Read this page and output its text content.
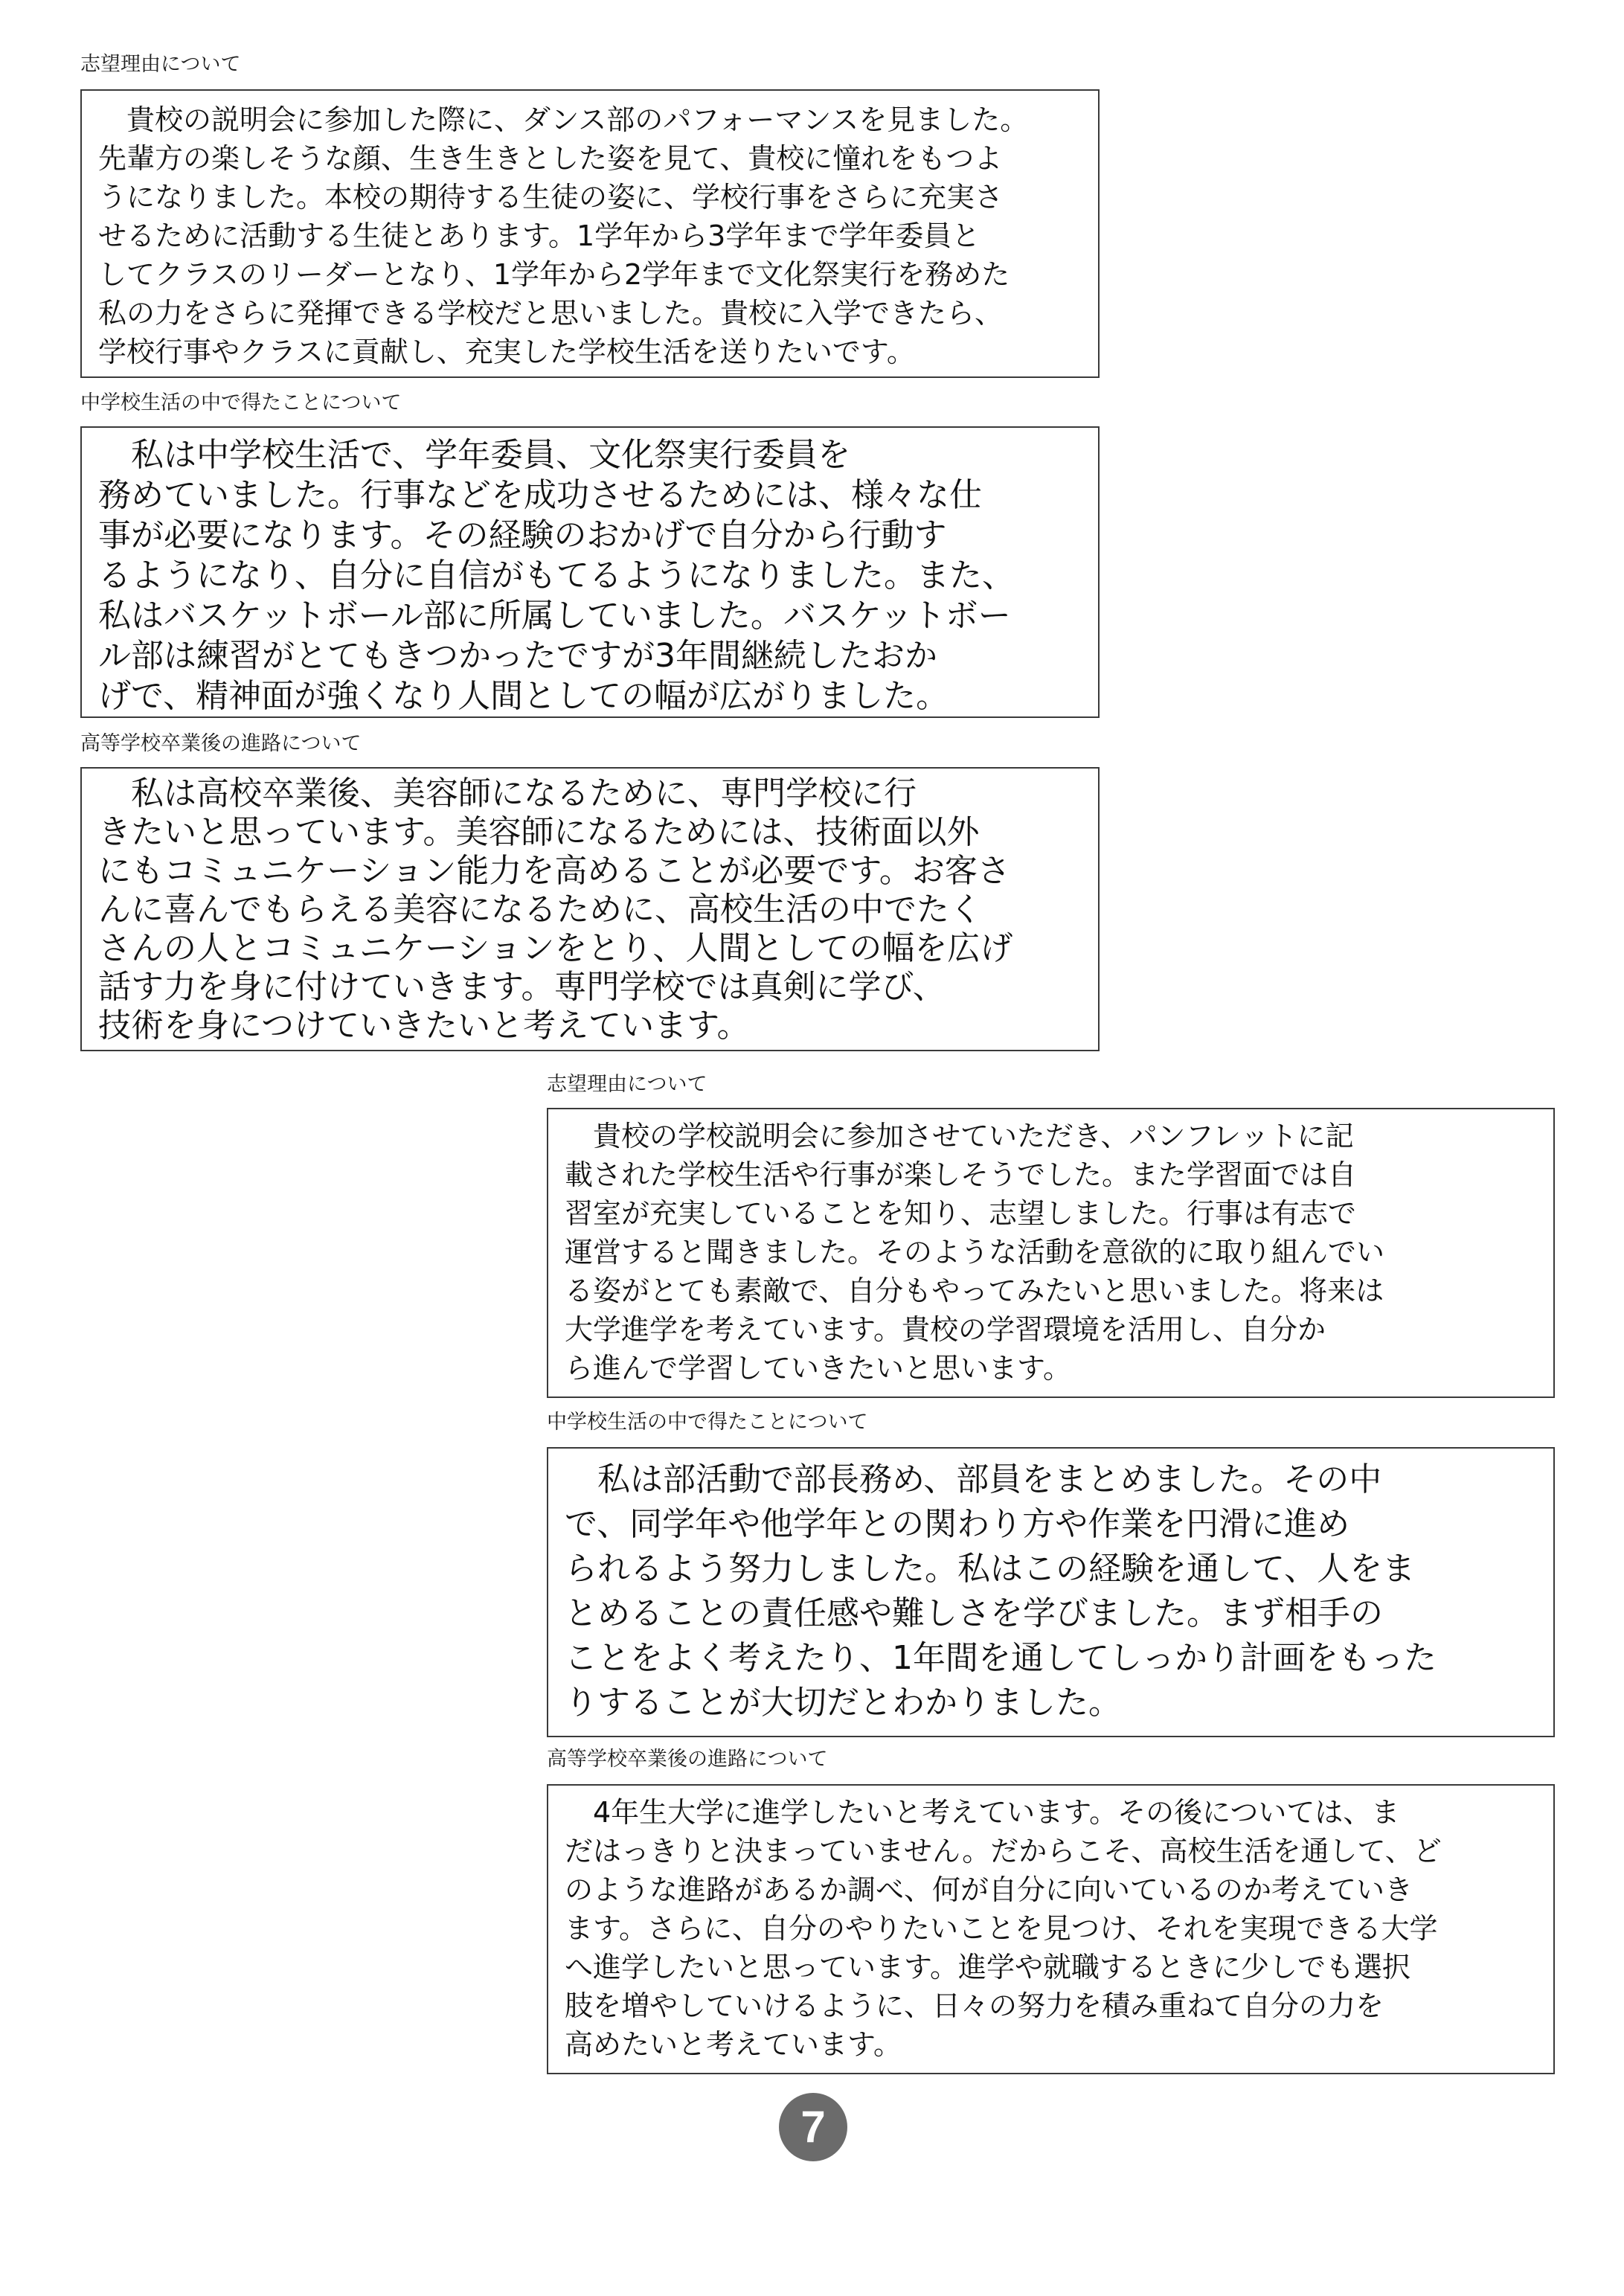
志望理由について
　貴校の説明会に参加した際に、ダンス部のパフォーマンスを見ました。
先輩方の楽しそうな顔、生き生きとした姿を見て、貴校に憧れをもつよ
うになりました。本校の期待する生徒の姿に、学校行事をさらに充実さ
せるために活動する生徒とあります。1学年から3学年まで学年委員と
してクラスのリーダーとなり、1学年から2学年まで文化祭実行を務めた
私の力をさらに発揮できる学校だと思いました。貴校に入学できたら、
学校行事やクラスに貢献し、充実した学校生活を送りたいです。
中学校生活の中で得たことについて
　私は中学校生活で、学年委員、文化祭実行委員を
務めていました。行事などを成功させるためには、様々な仕
事が必要になります。その経験のおかげで自分から行動す
るようになり、自分に自信がもてるようになりました。また、
私はバスケットボール部に所属していました。バスケットボー
ル部は練習がとてもきつかったですが3年間継続したおか
げで、精神面が強くなり人間としての幅が広がりました。
高等学校卒業後の進路について
　私は高校卒業後、美容師になるために、専門学校に行
きたいと思っています。美容師になるためには、技術面以外
にもコミュニケーション能力を高めることが必要です。お客さ
んに喜んでもらえる美容になるために、高校生活の中でたく
さんの人とコミュニケーションをとり、人間としての幅を広げ
話す力を身に付けていきます。専門学校では真剣に学び、
技術を身につけていきたいと考えています。
志望理由について
　貴校の学校説明会に参加させていただき、パンフレットに記
載された学校生活や行事が楽しそうでした。また学習面では自
習室が充実していることを知り、志望しました。行事は有志で
運営すると聞きました。そのような活動を意欲的に取り組んでい
る姿がとても素敵で、自分もやってみたいと思いました。将来は
大学進学を考えています。貴校の学習環境を活用し、自分か
ら進んで学習していきたいと思います。
中学校生活の中で得たことについて
　私は部活動で部長務め、部員をまとめました。その中
で、同学年や他学年との関わり方や作業を円滑に進め
られるよう努力しました。私はこの経験を通して、人をま
とめることの責任感や難しさを学びました。まず相手の
ことをよく考えたり、1年間を通してしっかり計画をもった
りすることが大切だとわかりました。
高等学校卒業後の進路について
　4年生大学に進学したいと考えています。その後については、ま
だはっきりと決まっていません。だからこそ、高校生活を通して、ど
のような進路があるか調べ、何が自分に向いているのか考えていき
ます。さらに、自分のやりたいことを見つけ、それを実現できる大学
へ進学したいと思っています。進学や就職するときに少しでも選択
肢を増やしていけるように、日々の努力を積み重ねて自分の力を
高めたいと考えています。
7
